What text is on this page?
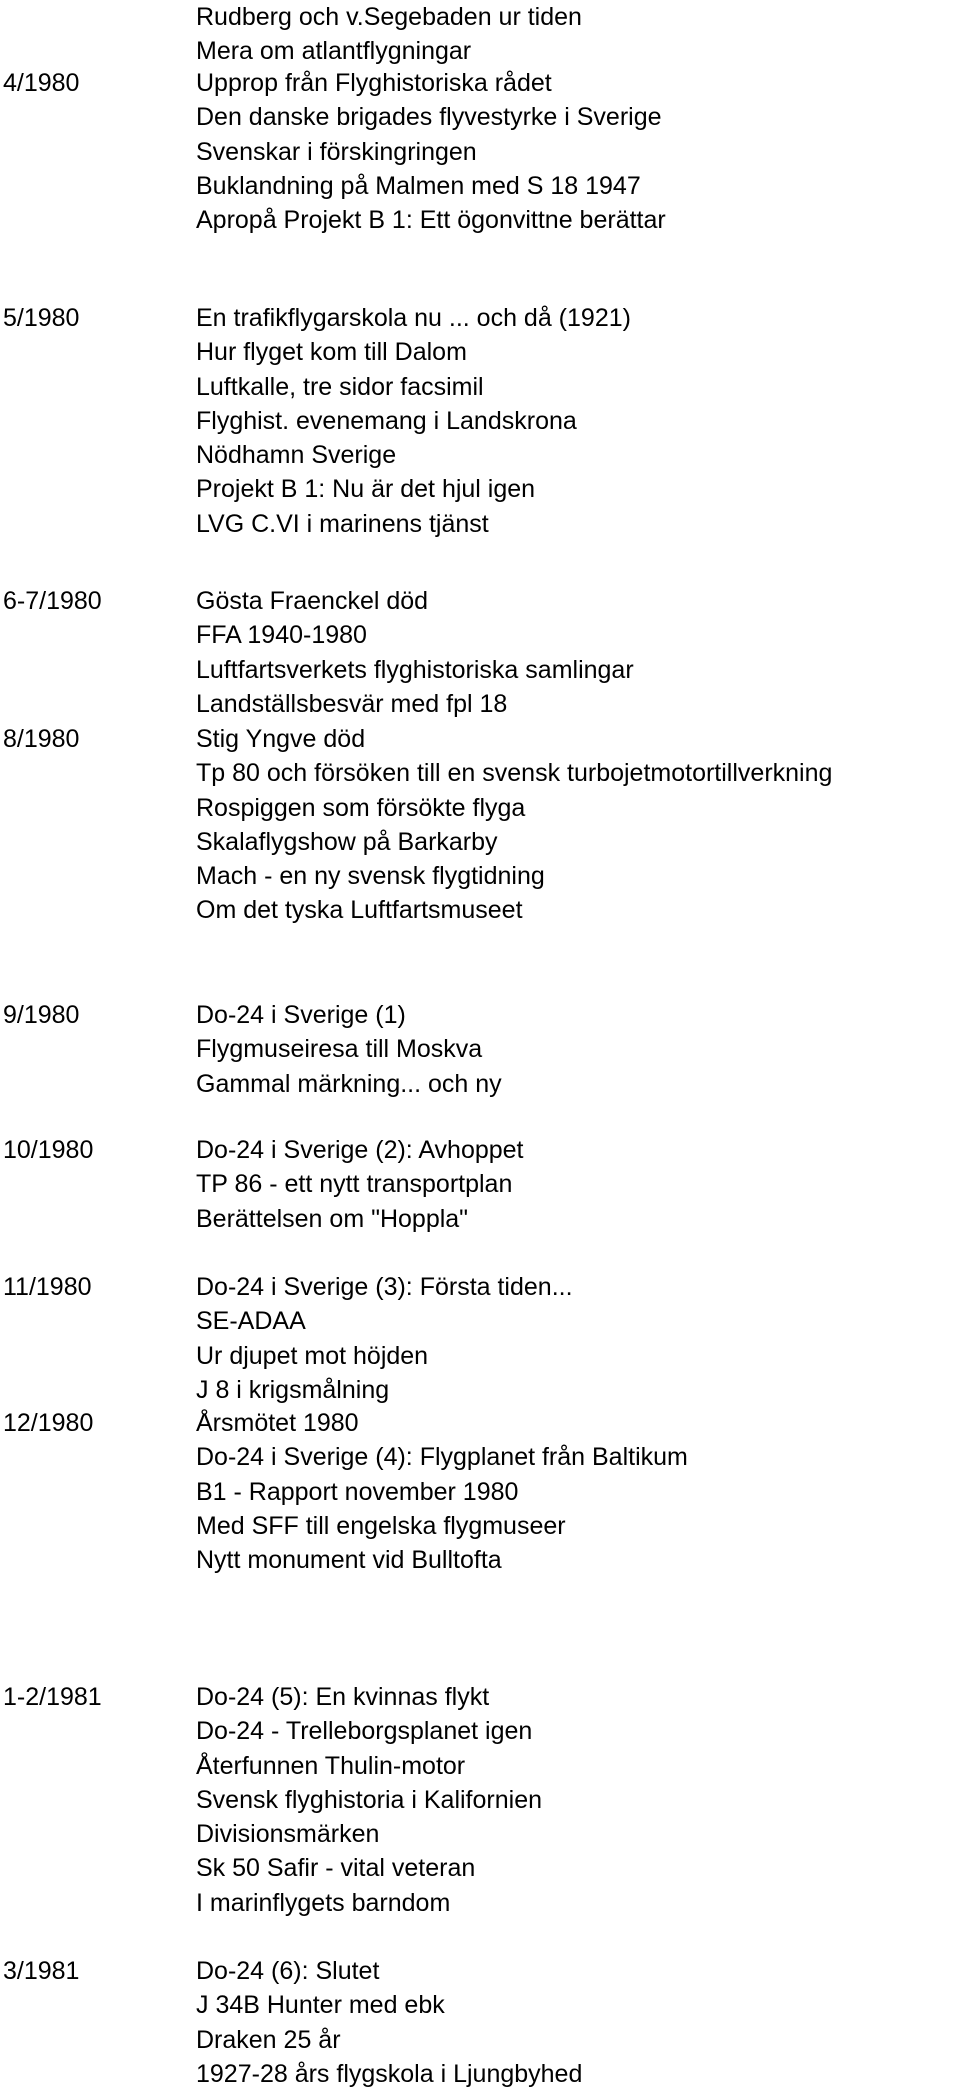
Rudberg och v.Segebaden ur tiden
Mera om atlantflygningar
4/1980	Upprop från Flyghistoriska rådet
Den danske brigades flyvestyrke i Sverige
Svenskar i förskingringen
Buklandning på Malmen med S 18 1947
Apropå Projekt B 1: Ett ögonvittne berättar
5/1980	En trafikflygarskola nu ... och då (1921)
Hur flyget kom till Dalom
Luftkalle, tre sidor facsimil
Flyghist. evenemang i Landskrona
Nödhamn Sverige
Projekt B 1: Nu är det hjul igen
LVG C.VI i marinens tjänst
6-7/1980	Gösta Fraenckel död
FFA 1940-1980
Luftfartsverkets flyghistoriska samlingar
Landställsbesvär med fpl 18
8/1980	Stig Yngve död
Tp 80 och försöken till en svensk turbojetmotortillverkning
Rospiggen som försökte flyga
Skalaflygshow på Barkarby
Mach - en ny svensk flygtidning
Om det tyska Luftfartsmuseet
9/1980	Do-24 i Sverige (1)
Flygmuseiresa till Moskva
Gammal märkning... och ny
10/1980	Do-24 i Sverige (2): Avhoppet
TP 86 - ett nytt transportplan
Berättelsen om "Hoppla"
11/1980	Do-24 i Sverige (3): Första tiden...
SE-ADAA
Ur djupet mot höjden
J 8 i krigsmålning
12/1980	Årsmötet 1980
Do-24 i Sverige (4): Flygplanet från Baltikum
B1 - Rapport november 1980
Med SFF till engelska flygmuseer
Nytt monument vid Bulltofta
1-2/1981	Do-24 (5): En kvinnas flykt
Do-24 - Trelleborgsplanet igen
Återfunnen Thulin-motor
Svensk flyghistoria i Kalifornien
Divisionsmärken
Sk 50 Safir - vital veteran
I marinflygets barndom
3/1981	Do-24 (6): Slutet
J 34B Hunter med ebk
Draken 25 år
1927-28 års flygskola i Ljungbyhed
